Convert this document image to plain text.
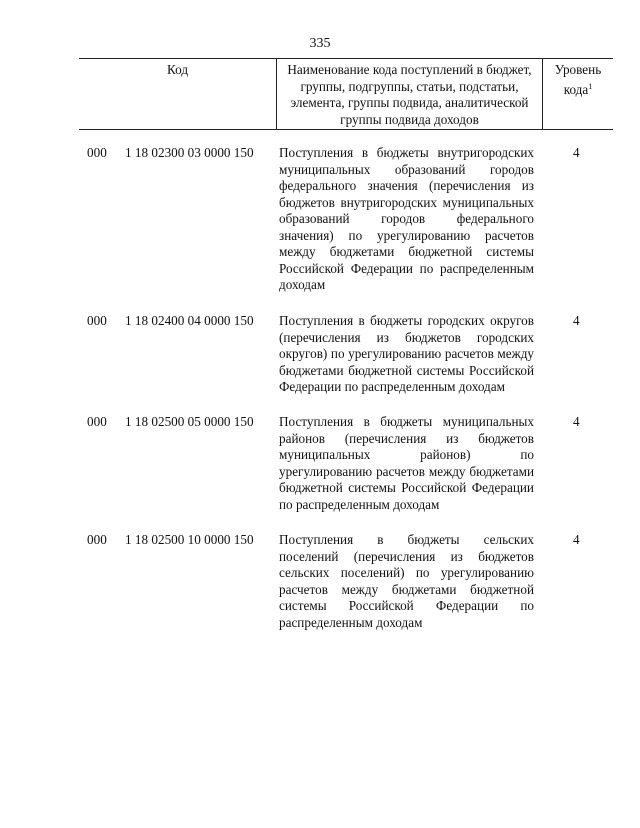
335
Код	Наименование кода поступлений в бюджет, группы, подгруппы, статьи, подстатьи, элемента, группы подвида, аналитической группы подвида доходов
Уровень кода$^1$
000 1 18 02300 03 0000 150 Поступления в бюджеты внутригородских муниципальных образований городов федерального значения (перечисления из бюджетов внутригородских муниципальных образований городов федерального значения) по урегулированию расчетов между бюджетами бюджетной системы Российской Федерации по распределенным доходам
4
000 1 18 02400 04 0000 150 Поступления в бюджеты городских округов (перечисления из бюджетов городских округов) по урегулированию расчетов между бюджетами бюджетной системы Российской Федерации по распределенным доходам
4
000 1 18 02500 05 0000 150 Поступления в бюджеты муниципальных районов (перечисления из бюджетов муниципальных районов) по урегулированию расчетов между бюджетами бюджетной системы Российской Федерации по распределенным доходам
4
000 1 18 02500 10 0000 150 Поступления в бюджеты сельских поселений (перечисления из бюджетов сельских поселений) по урегулированию расчетов между бюджетами бюджетной системы Российской Федерации по распределенным доходам
4
